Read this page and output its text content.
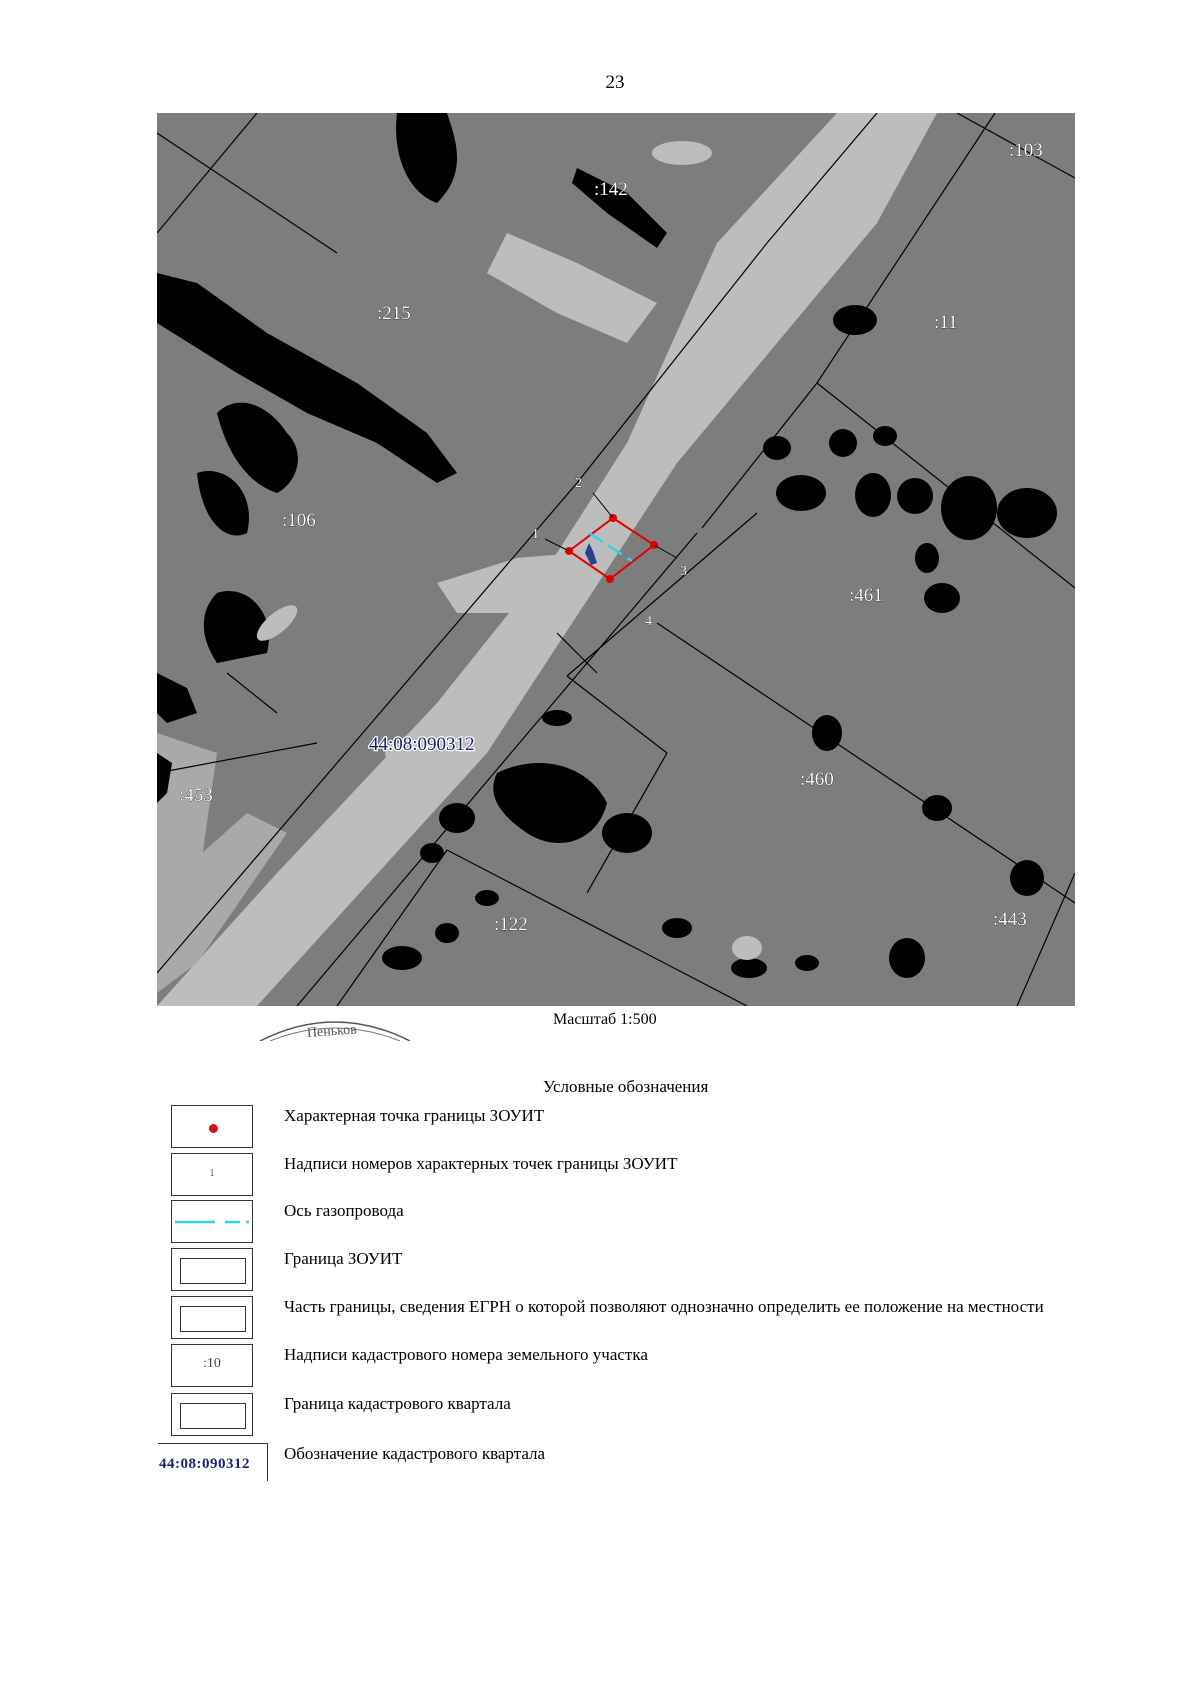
23
1
2
3
4
:103
:142
:215	:11
:106
:461
:453
:460
:122	:443
44:08:090312
Масштаб 1:500
Пеньков
Условные обозначения
Характерная точка границы ЗОУИТ
1
Надписи номеров характерных точек границы ЗОУИТ
Ось газопровода
Граница ЗОУИТ
Часть границы, сведения ЕГРН о которой позволяют однозначно определить ее положение на местности
:10	Надписи кадастрового номера земельного участка
Граница кадастрового квартала
44:08:090312
Обозначение кадастрового квартала
